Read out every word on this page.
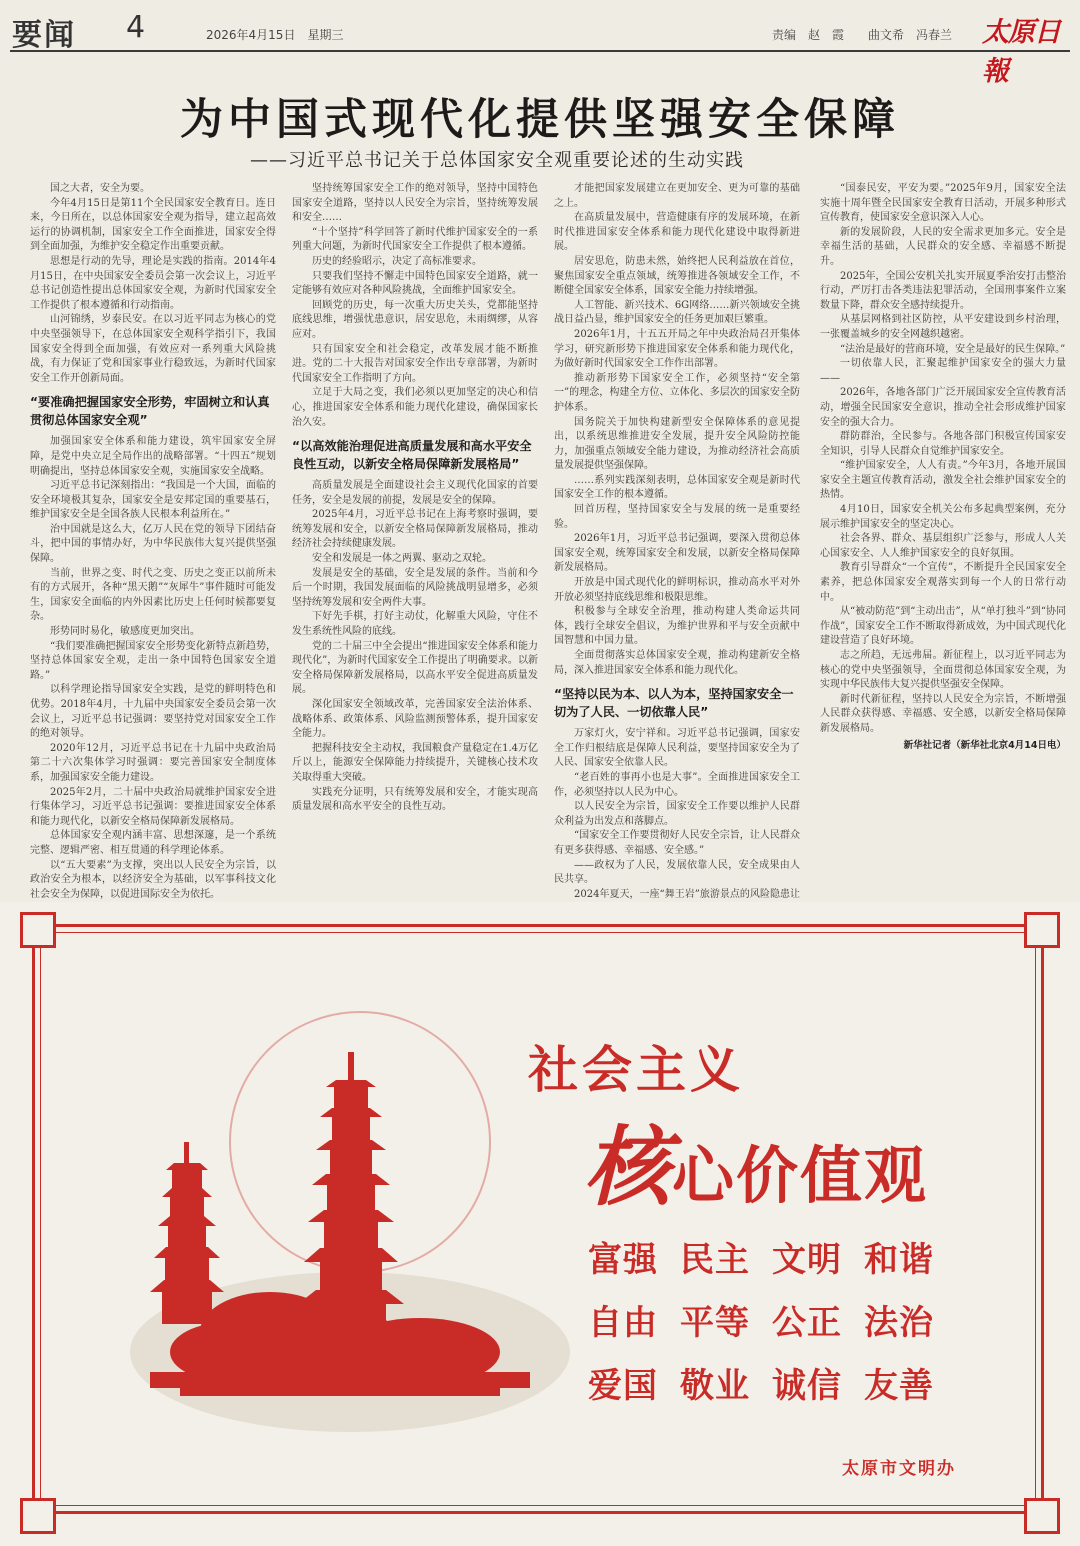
要闻 4	2026年4月15日　星期三	责编　赵　霞　　曲文希　冯春兰 太原日報
为中国式现代化提供坚强安全保障
——习近平总书记关于总体国家安全观重要论述的生动实践

国之大者，安全为要。

今年4月15日是第11个全民国家安全教育日。连日来，今日所在，以总体国家安全观为指导，建立起高效运行的协调机制，国家安全工作全面推进，国家安全得到全面加强，为维护安全稳定作出重要贡献。

思想是行动的先导，理论是实践的指南。2014年4月15日，在中央国家安全委员会第一次会议上，习近平总书记创造性提出总体国家安全观，为新时代国家安全工作提供了根本遵循和行动指南。

山河锦绣，岁泰民安。在以习近平同志为核心的党中央坚强领导下，在总体国家安全观科学指引下，我国国家安全得到全面加强，有效应对一系列重大风险挑战，有力保证了党和国家事业行稳致远，为新时代国家安全工作开创新局面。

“要准确把握国家安全形势，牢固树立和认真贯彻总体国家安全观”

加强国家安全体系和能力建设，筑牢国家安全屏障，是党中央立足全局作出的战略部署。“十四五”规划明确提出，坚持总体国家安全观，实施国家安全战略。

习近平总书记深刻指出：“我国是一个大国，面临的安全环境极其复杂，国家安全是安邦定国的重要基石，维护国家安全是全国各族人民根本利益所在。”

治中国就是这么大，亿万人民在党的领导下团结奋斗，把中国的事情办好，为中华民族伟大复兴提供坚强保障。

当前，世界之变、时代之变、历史之变正以前所未有的方式展开，各种“黑天鹅”“灰犀牛”事件随时可能发生，国家安全面临的内外因素比历史上任何时候都要复杂。

形势同时易化，敏感度更加突出。

“我们要准确把握国家安全形势变化新特点新趋势，坚持总体国家安全观，走出一条中国特色国家安全道路。”

以科学理论指导国家安全实践，是党的鲜明特色和优势。2018年4月，十九届中央国家安全委员会第一次会议上，习近平总书记强调：要坚持党对国家安全工作的绝对领导。

2020年12月，习近平总书记在十九届中央政治局第二十六次集体学习时强调：要完善国家安全制度体系，加强国家安全能力建设。

2025年2月，二十届中央政治局就维护国家安全进行集体学习，习近平总书记强调：要推进国家安全体系和能力现代化，以新安全格局保障新发展格局。

总体国家安全观内涵丰富、思想深邃，是一个系统完整、逻辑严密、相互贯通的科学理论体系。

以“五大要素”为支撑，突出以人民安全为宗旨，以政治安全为根本，以经济安全为基础，以军事科技文化社会安全为保障，以促进国际安全为依托。

坚持统筹国家安全工作的绝对领导，坚持中国特色国家安全道路，坚持以人民安全为宗旨，坚持统筹发展和安全……

“十个坚持”科学回答了新时代维护国家安全的一系列重大问题，为新时代国家安全工作提供了根本遵循。

历史的经验昭示，决定了高标准要求。

只要我们坚持不懈走中国特色国家安全道路，就一定能够有效应对各种风险挑战，全面维护国家安全。

回顾党的历史，每一次重大历史关头，党都能坚持底线思维，增强忧患意识，居安思危，未雨绸缪，从容应对。

只有国家安全和社会稳定，改革发展才能不断推进。党的二十大报告对国家安全作出专章部署，为新时代国家安全工作指明了方向。

立足于大局之变，我们必须以更加坚定的决心和信心，推进国家安全体系和能力现代化建设，确保国家长治久安。

“以高效能治理促进高质量发展和高水平安全良性互动，以新安全格局保障新发展格局”

高质量发展是全面建设社会主义现代化国家的首要任务，安全是发展的前提，发展是安全的保障。

2025年4月，习近平总书记在上海考察时强调，要统筹发展和安全，以新安全格局保障新发展格局，推动经济社会持续健康发展。

安全和发展是一体之两翼、驱动之双轮。

发展是安全的基础，安全是发展的条件。当前和今后一个时期，我国发展面临的风险挑战明显增多，必须坚持统筹发展和安全两件大事。

下好先手棋，打好主动仗，化解重大风险，守住不发生系统性风险的底线。

党的二十届三中全会提出“推进国家安全体系和能力现代化”，为新时代国家安全工作提出了明确要求。以新安全格局保障新发展格局，以高水平安全促进高质量发展。

深化国家安全领域改革，完善国家安全法治体系、战略体系、政策体系、风险监测预警体系，提升国家安全能力。

把握科技安全主动权，我国粮食产量稳定在1.4万亿斤以上，能源安全保障能力持续提升，关键核心技术攻关取得重大突破。

实践充分证明，只有统筹发展和安全，才能实现高质量发展和高水平安全的良性互动。

才能把国家发展建立在更加安全、更为可靠的基础之上。

在高质量发展中，营造健康有序的发展环境，在新时代推进国家安全体系和能力现代化建设中取得新进展。

居安思危，防患未然，始终把人民利益放在首位，聚焦国家安全重点领域，统筹推进各领域安全工作，不断健全国家安全体系，国家安全能力持续增强。

人工智能、新兴技术、6G网络……新兴领域安全挑战日益凸显，维护国家安全的任务更加艰巨繁重。

2026年1月，十五五开局之年中央政治局召开集体学习，研究新形势下推进国家安全体系和能力现代化，为做好新时代国家安全工作作出部署。

推动新形势下国家安全工作，必须坚持“安全第一”的理念，构建全方位、立体化、多层次的国家安全防护体系。

国务院关于加快构建新型安全保障体系的意见提出，以系统思维推进安全发展，提升安全风险防控能力，加强重点领域安全能力建设，为推动经济社会高质量发展提供坚强保障。

……系列实践深刻表明，总体国家安全观是新时代国家安全工作的根本遵循。

回首历程，坚持国家安全与发展的统一是重要经验。

2026年1月，习近平总书记强调，要深入贯彻总体国家安全观，统筹国家安全和发展，以新安全格局保障新发展格局。

开放是中国式现代化的鲜明标识，推动高水平对外开放必须坚持底线思维和极限思维。

积极参与全球安全治理，推动构建人类命运共同体，践行全球安全倡议，为维护世界和平与安全贡献中国智慧和中国力量。

全面贯彻落实总体国家安全观，推动构建新安全格局，深入推进国家安全体系和能力现代化。

“坚持以民为本、以人为本，坚持国家安全一切为了人民、一切依靠人民”

万家灯火，安宁祥和。习近平总书记强调，国家安全工作归根结底是保障人民利益，要坚持国家安全为了人民、国家安全依靠人民。

“老百姓的事再小也是大事”。全面推进国家安全工作，必须坚持以人民为中心。

以人民安全为宗旨，国家安全工作要以维护人民群众利益为出发点和落脚点。

“国家安全工作要贯彻好人民安全宗旨，让人民群众有更多获得感、幸福感、安全感。”

——政权为了人民，发展依靠人民，安全成果由人民共享。

2024年夏天，一座“舞王岩”旅游景点的风险隐患让

“国泰民安，平安为要。”2025年9月，国家安全法实施十周年暨全民国家安全教育日活动，开展多种形式宣传教育，使国家安全意识深入人心。

新的发展阶段，人民的安全需求更加多元。安全是幸福生活的基础，人民群众的安全感、幸福感不断提升。

2025年，全国公安机关扎实开展夏季治安打击整治行动，严厉打击各类违法犯罪活动，全国刑事案件立案数量下降，群众安全感持续提升。

从基层网格到社区防控，从平安建设到乡村治理，一张覆盖城乡的安全网越织越密。

“法治是最好的营商环境，安全是最好的民生保障。”

一切依靠人民，汇聚起维护国家安全的强大力量——

2026年，各地各部门广泛开展国家安全宣传教育活动，增强全民国家安全意识，推动全社会形成维护国家安全的强大合力。

群防群治，全民参与。各地各部门积极宣传国家安全知识，引导人民群众自觉维护国家安全。

“维护国家安全，人人有责。”今年3月，各地开展国家安全主题宣传教育活动，激发全社会维护国家安全的热情。

4月10日，国家安全机关公布多起典型案例，充分展示维护国家安全的坚定决心。

社会各界、群众、基层组织广泛参与，形成人人关心国家安全、人人维护国家安全的良好氛围。

教育引导群众“一个宣传”，不断提升全民国家安全素养，把总体国家安全观落实到每一个人的日常行动中。

从“被动防范”到“主动出击”，从“单打独斗”到“协同作战”，国家安全工作不断取得新成效，为中国式现代化建设营造了良好环境。

志之所趋，无远弗届。新征程上，以习近平同志为核心的党中央坚强领导，全面贯彻总体国家安全观，为实现中华民族伟大复兴提供坚强安全保障。

新时代新征程，坚持以人民安全为宗旨，不断增强人民群众获得感、幸福感、安全感，以新安全格局保障新发展格局。

新华社记者（新华社北京4月14日电）
社会主义
核心价值观
富强 民主 文明 和谐
自由 平等 公正 法治
爱国 敬业 诚信 友善
太原市文明办
